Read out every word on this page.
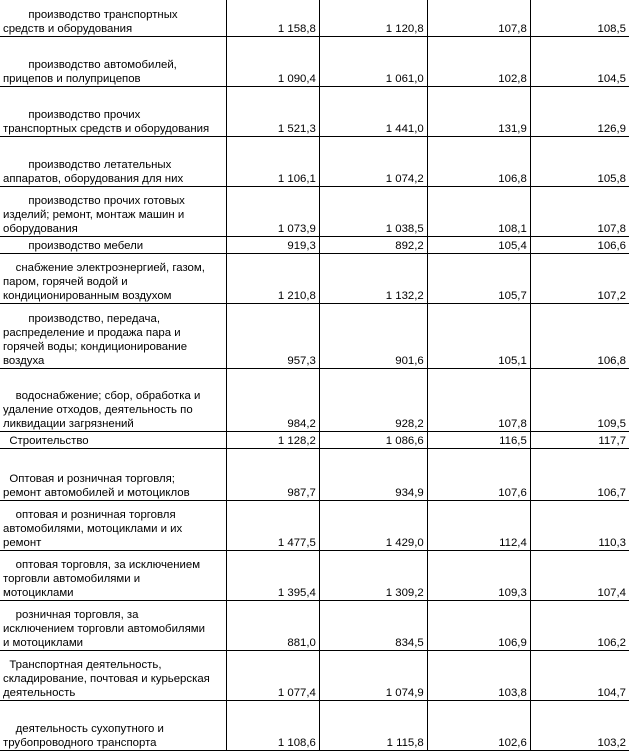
производство транспортных
средств и оборудования	1 158,8	1 120,8	107,8	108,5

производство автомобилей,
прицепов и полуприцепов	1 090,4	1 061,0	102,8	104,5

производство прочих
транспортных средств и оборудования	1 521,3	1 441,0	131,9	126,9

производство летательных
аппаратов, оборудования для них	1 106,1	1 074,2	106,8	105,8

производство прочих готовых
изделий; ремонт, монтаж машин и
оборудования	1 073,9	1 038,5	108,1	107,8

производство мебели	919,3	892,2	105,4	106,6

снабжение электроэнергией, газом,
паром, горячей водой и
кондиционированным воздухом	1 210,8	1 132,2	105,7	107,2

производство, передача,
распределение и продажа пара и
горячей воды; кондиционирование
воздуха	957,3	901,6	105,1	106,8

водоснабжение; сбор, обработка и
удаление отходов, деятельность по
ликвидации загрязнений	984,2	928,2	107,8	109,5

Строительство	1 128,2	1 086,6	116,5	117,7

Оптовая и розничная торговля;
ремонт автомобилей и мотоциклов	987,7	934,9	107,6	106,7

оптовая и розничная торговля
автомобилями, мотоциклами и их
ремонт	1 477,5	1 429,0	112,4	110,3

оптовая торговля, за исключением
торговли автомобилями и
мотоциклами	1 395,4	1 309,2	109,3	107,4

розничная торговля, за
исключением торговли автомобилями
и мотоциклами	881,0	834,5	106,9	106,2

Транспортная деятельность,
складирование, почтовая и курьерская
деятельность	1 077,4	1 074,9	103,8	104,7

деятельность сухопутного и
трубопроводного транспорта	1 108,6	1 115,8	102,6	103,2
